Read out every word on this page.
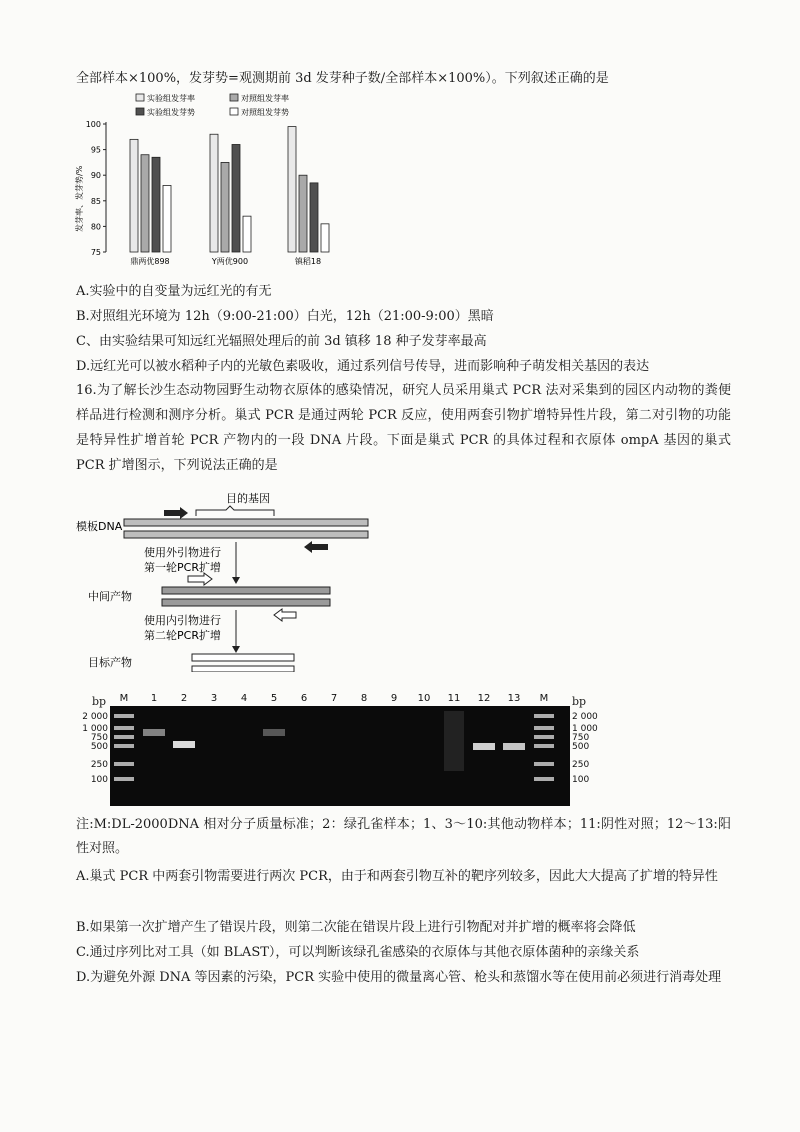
全部样本×100%，发芽势=观测期前 3d 发芽种子数/全部样本×100%）。下列叙述正确的是
实验组发芽率	对照组发芽率
实验组发芽势	对照组发芽势
发芽率、发芽势/%
75
80
85
90
95
100
鼎两优898	Y两优900	镇稻18
A.实验中的自变量为远红光的有无
B.对照组光环境为 12h（9:00-21:00）白光，12h（21:00-9:00）黑暗
C、由实验结果可知远红光辐照处理后的前 3d 镇移 18 种子发芽率最高
D.远红光可以被水稻种子内的光敏色素吸收，通过系列信号传导，进而影响种子萌发相关基因的表达
16.为了解长沙生态动物园野生动物衣原体的感染情况，研究人员采用巢式 PCR 法对采集到的园区内动物的粪便样品进行检测和测序分析。巢式 PCR 是通过两轮 PCR 反应，使用两套引物扩增特异性片段，第二对引物的功能是特异性扩增首轮 PCR 产物内的一段 DNA 片段。下面是巢式 PCR 的具体过程和衣原体 ompA 基因的巢式 PCR 扩增图示，下列说法正确的是
目的基因
模板DNA
使用外引物进行
第一轮PCR扩增
中间产物
使用内引物进行
第二轮PCR扩增
目标产物
bp	bp
M 1 2 3 4 5 6 7 8 9 10 11 12 13 M
2 000
1 000
750
500
250
100
2 000
1 000
750
500
250
100
注:M:DL-2000DNA 相对分子质量标准；2：绿孔雀样本；1、3～10:其他动物样本；11:阴性对照；12～13:阳性对照。
A.巢式 PCR 中两套引物需要进行两次 PCR，由于和两套引物互补的靶序列较多，因此大大提高了扩增的特异性
B.如果第一次扩增产生了错误片段，则第二次能在错误片段上进行引物配对并扩增的概率将会降低
C.通过序列比对工具（如 BLAST），可以判断该绿孔雀感染的衣原体与其他衣原体菌种的亲缘关系
D.为避免外源 DNA 等因素的污染，PCR 实验中使用的微量离心管、枪头和蒸馏水等在使用前必须进行消毒处理
